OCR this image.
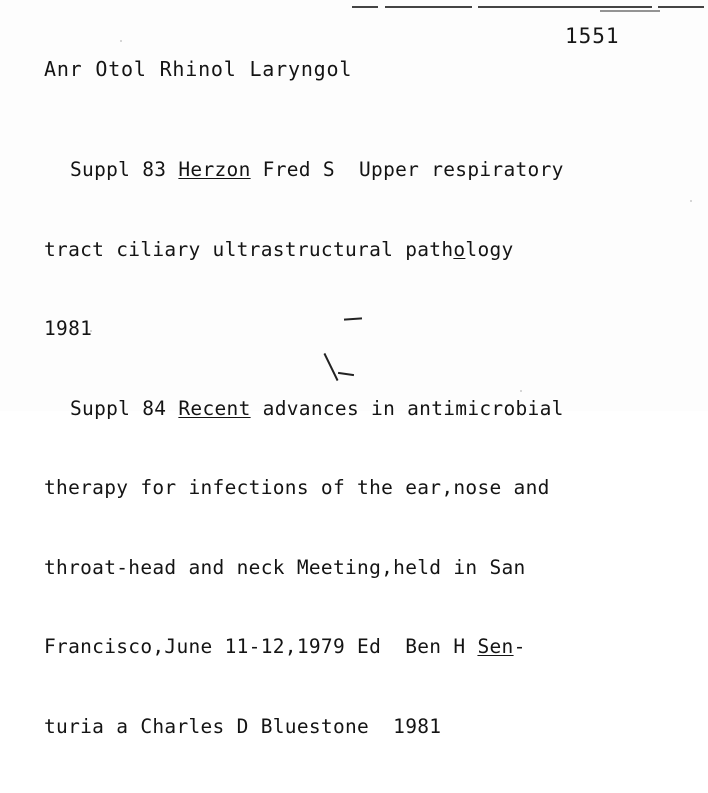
1551
Anr Otol Rhinol Laryngol

Suppl 83 Herzon Fred S  Upper respiratory

tract ciliary ultrastructural pathology

1981

Suppl 84 Recent advances in antimicrobial

therapy for infections of the ear,nose and

throat-head and neck Meeting,held in San

Francisco,June 11-12,1979 Ed  Ben H Sen-

turia a Charles D Bluestone  1981
